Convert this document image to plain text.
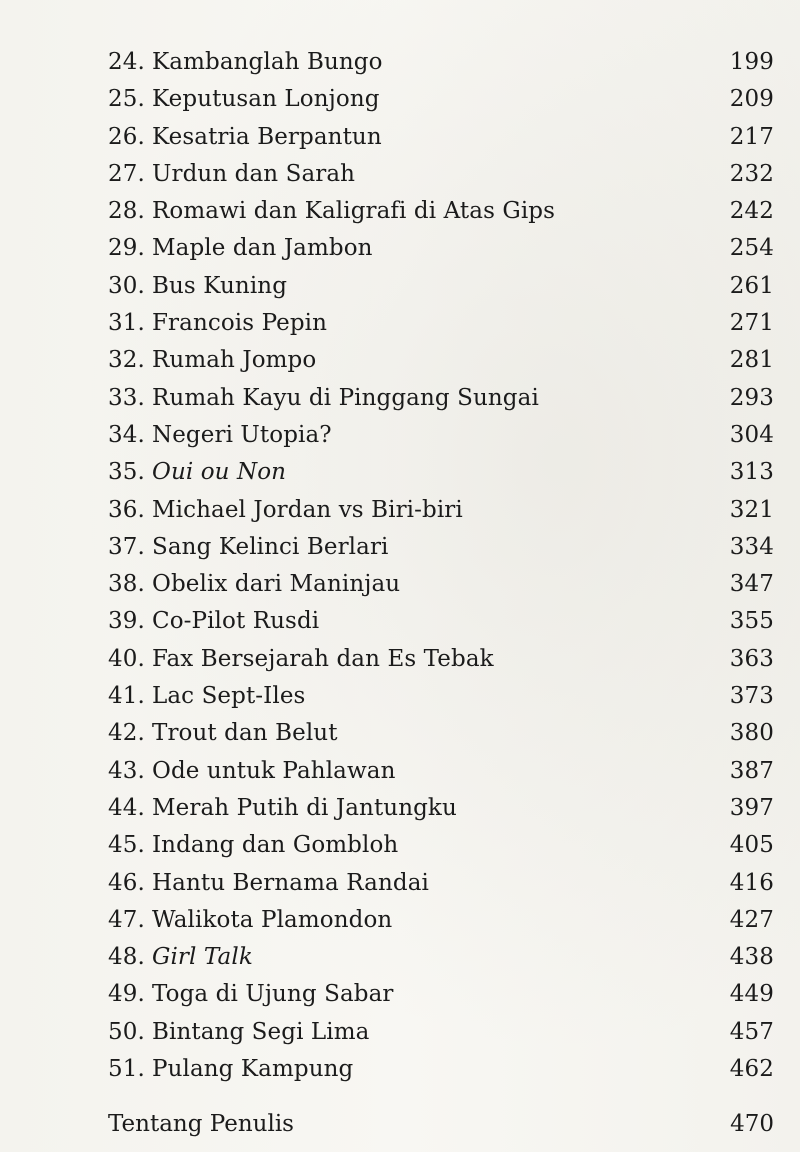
24. Kambanglah Bungo	199
25. Keputusan Lonjong	209
26. Kesatria Berpantun	217
27. Urdun dan Sarah	232
28. Romawi dan Kaligrafi di Atas Gips	242
29. Maple dan Jambon	254
30. Bus Kuning	261
31. Francois Pepin	271
32. Rumah Jompo	281
33. Rumah Kayu di Pinggang Sungai	293
34. Negeri Utopia?	304
35. Oui ou Non	313
36. Michael Jordan vs Biri-biri	321
37. Sang Kelinci Berlari	334
38. Obelix dari Maninjau	347
39. Co-Pilot Rusdi	355
40. Fax Bersejarah dan Es Tebak	363
41. Lac Sept-Iles	373
42. Trout dan Belut	380
43. Ode untuk Pahlawan	387
44. Merah Putih di Jantungku	397
45. Indang dan Gombloh	405
46. Hantu Bernama Randai	416
47. Walikota Plamondon	427
48. Girl Talk	438
49. Toga di Ujung Sabar	449
50. Bintang Segi Lima	457
51. Pulang Kampung	462
Tentang Penulis	470
